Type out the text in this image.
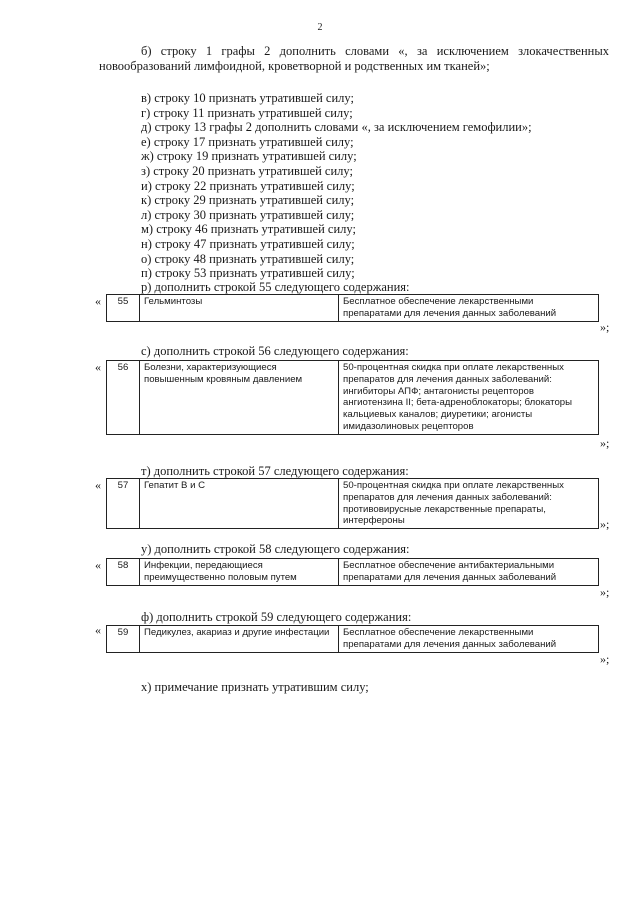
2
б) строку 1 графы 2 дополнить словами «, за исключением злокачественных новообразований лимфоидной, кроветворной и родственных им тканей»;
в) строку 10 признать утратившей силу;
г) строку 11 признать утратившей силу;
д) строку 13 графы 2 дополнить словами «, за исключением гемофилии»;
е) строку 17 признать утратившей силу;
ж) строку 19 признать утратившей силу;
з) строку 20 признать утратившей силу;
и) строку 22 признать утратившей силу;
к) строку 29 признать утратившей силу;
л) строку 30 признать утратившей силу;
м) строку 46 признать утратившей силу;
н) строку 47 признать утратившей силу;
о) строку 48 признать утратившей силу;
п) строку 53 признать утратившей силу;
р) дополнить строкой 55 следующего содержания:
« 55	Гельминтозы	Бесплатное обеспечение лекарственными препаратами для лечения данных заболеваний
»;
с) дополнить строкой 56 следующего содержания:
« 56	Болезни, характеризующиеся повышенным кровяным давлением	50-процентная скидка при оплате лекарственных препаратов для лечения данных заболеваний: ингибиторы АПФ; антагонисты рецепторов ангиотензина II; бета-адреноблокаторы; блокаторы кальциевых каналов; диуретики; агонисты имидазолиновых рецепторов
»;
т) дополнить строкой 57 следующего содержания:
« 57	Гепатит В и С	50-процентная скидка при оплате лекарственных препаратов для лечения данных заболеваний: противовирусные лекарственные препараты, интерфероны	»;
у) дополнить строкой 58 следующего содержания:
« 58	Инфекции, передающиеся преимущественно половым путем	Бесплатное обеспечение антибактериальными препаратами для лечения данных заболеваний
»;
ф) дополнить строкой 59 следующего содержания:
« 59	Педикулез, акариаз и другие инфестации	Бесплатное обеспечение лекарственными препаратами для лечения данных заболеваний
»;
х) примечание признать утратившим силу;
